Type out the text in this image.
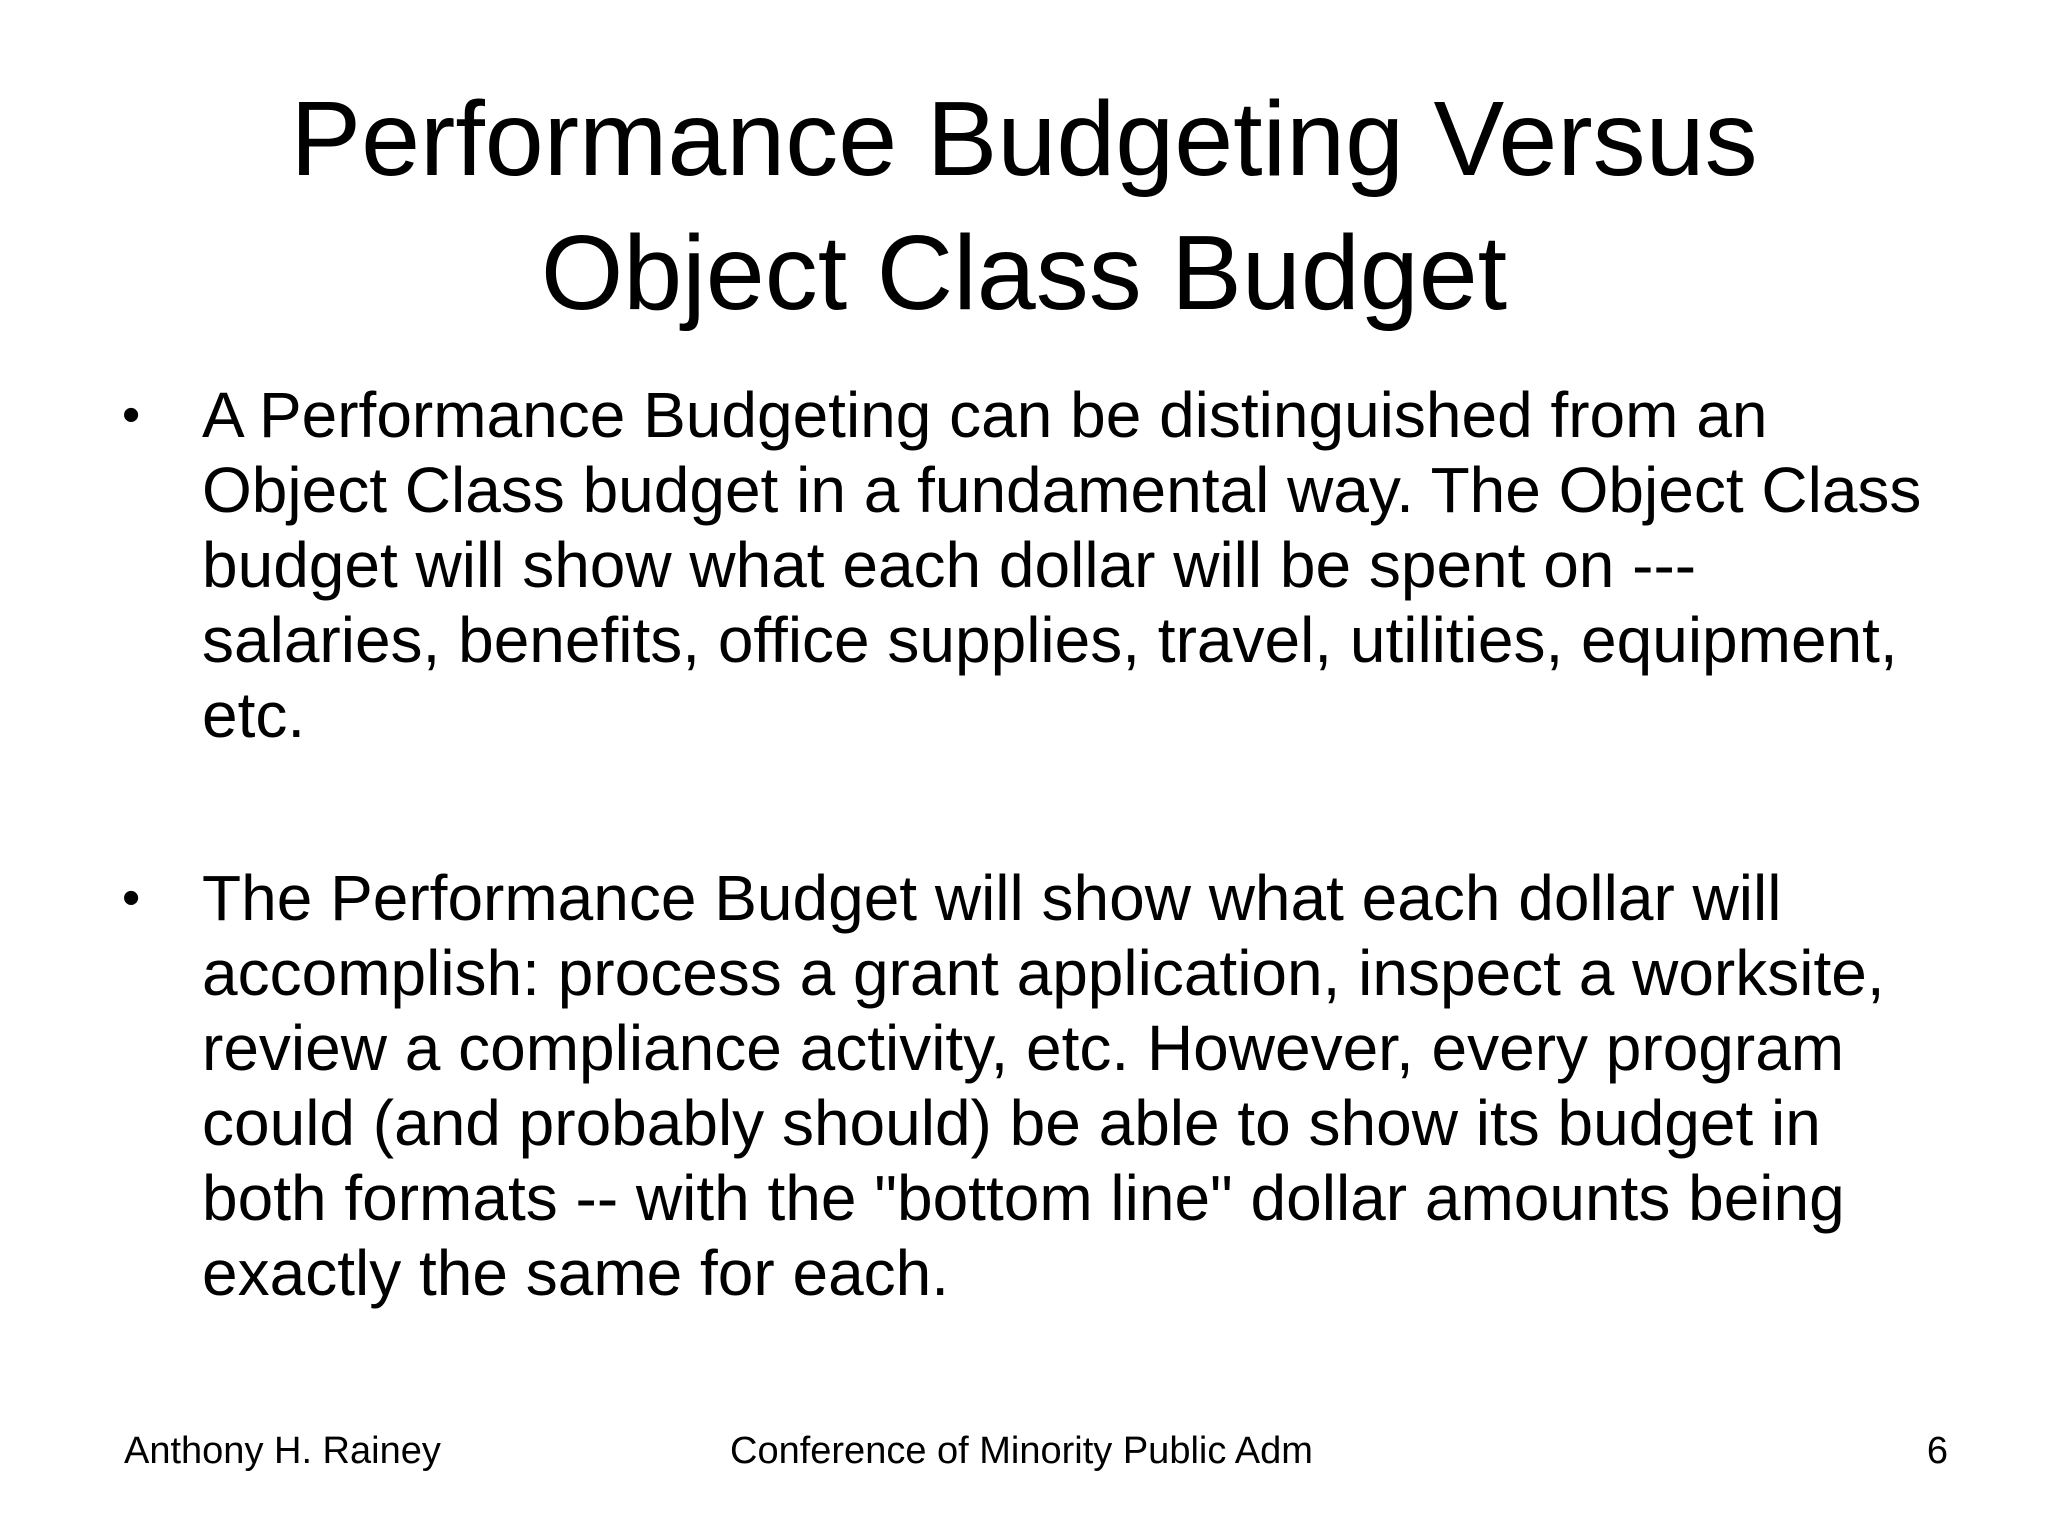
Performance Budgeting Versus
Object Class Budget
• A Performance Budgeting can be distinguished from an Object Class budget in a fundamental way. The Object Class budget will show what each dollar will be spent on --- salaries, benefits, office supplies, travel, utilities, equipment, etc.
• The Performance Budget will show what each dollar will accomplish: process a grant application, inspect a worksite, review a compliance activity, etc. However, every program could (and probably should) be able to show its budget in both formats -- with the "bottom line" dollar amounts being exactly the same for each.
Anthony H. Rainey	Conference of Minority Public Adm	6
